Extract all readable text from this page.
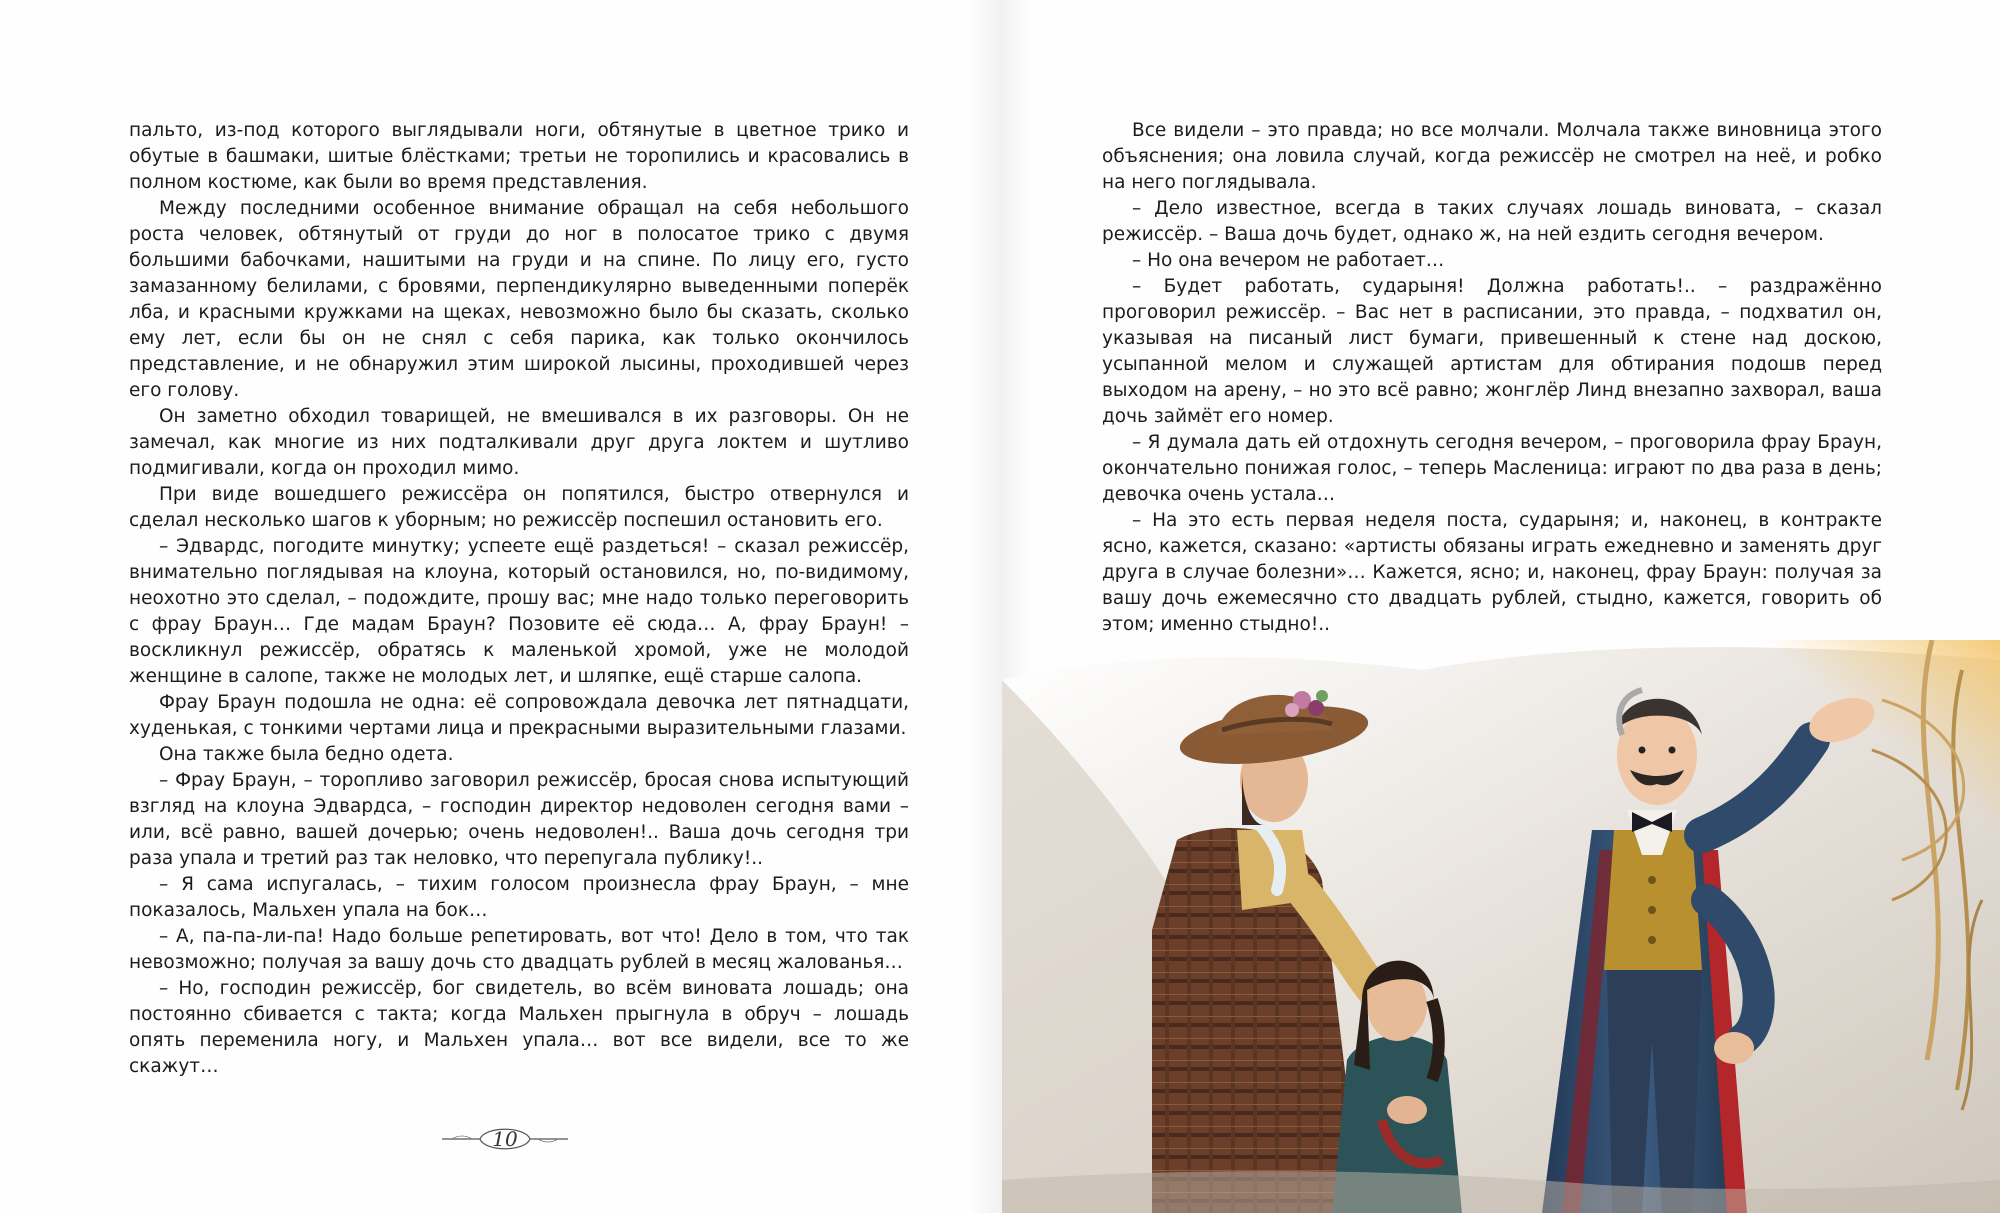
пальто, из-под которого выглядывали ноги, обтянутые в цветное трико и обутые в башмаки, шитые блёстками; третьи не торопились и красовались в полном костюме, как были во время представления.

Между последними особенное внимание обращал на себя небольшого роста человек, обтянутый от груди до ног в полосатое трико с двумя большими бабочками, нашитыми на груди и на спине. По лицу его, густо замазанному белилами, с бровями, перпендикулярно выведенными поперёк лба, и красными кружками на щеках, невозможно было бы сказать, сколько ему лет, если бы он не снял с себя парика, как только окончилось представление, и не обнаружил этим широкой лысины, проходившей через его голову.

Он заметно обходил товарищей, не вмешивался в их разговоры. Он не замечал, как многие из них подталкивали друг друга локтем и шутливо подмигивали, когда он проходил мимо.

При виде вошедшего режиссёра он попятился, быстро отвернулся и сделал несколько шагов к уборным; но режиссёр поспешил остановить его.

– Эдвардс, погодите минутку; успеете ещё раздеться! – сказал режиссёр, внимательно поглядывая на клоуна, который остановился, но, по-видимому, неохотно это сделал, – подождите, прошу вас; мне надо только переговорить с фрау Браун… Где мадам Браун? Позовите её сюда… А, фрау Браун! – воскликнул режиссёр, обратясь к маленькой хромой, уже не молодой женщине в салопе, также не молодых лет, и шляпке, ещё старше салопа.

Фрау Браун подошла не одна: её сопровождала девочка лет пятнадцати, худенькая, с тонкими чертами лица и прекрасными выразительными глазами.

Она также была бедно одета.

– Фрау Браун, – торопливо заговорил режиссёр, бросая снова испытующий взгляд на клоуна Эдвардса, – господин директор недоволен сегодня вами – или, всё равно, вашей дочерью; очень недоволен!.. Ваша дочь сегодня три раза упала и третий раз так неловко, что перепугала публику!..

– Я сама испугалась, – тихим голосом произнесла фрау Браун, – мне показалось, Мальхен упала на бок…

– А, па-па-ли-па! Надо больше репетировать, вот что! Дело в том, что так невозможно; получая за вашу дочь сто двадцать рублей в месяц жалованья…

– Но, господин режиссёр, бог свидетель, во всём виновата лошадь; она постоянно сбивается с такта; когда Мальхен прыгнула в обруч – лошадь опять переменила ногу, и Мальхен упала… вот все видели, все то же скажут…

10

Все видели – это правда; но все молчали. Молчала также виновница этого объяснения; она ловила случай, когда режиссёр не смотрел на неё, и робко на него поглядывала.

– Дело известное, всегда в таких случаях лошадь виновата, – сказал режиссёр. – Ваша дочь будет, однако ж, на ней ездить сегодня вечером.

– Но она вечером не работает…

– Будет работать, сударыня! Должна работать!.. – раздражённо проговорил режиссёр. – Вас нет в расписании, это правда, – подхватил он, указывая на писаный лист бумаги, привешенный к стене над доскою, усыпанной мелом и служащей артистам для обтирания подошв перед выходом на арену, – но это всё равно; жонглёр Линд внезапно захворал, ваша дочь займёт его номер.

– Я думала дать ей отдохнуть сегодня вечером, – проговорила фрау Браун, окончательно понижая голос, – теперь Масленица: играют по два раза в день; девочка очень устала…

– На это есть первая неделя поста, сударыня; и, наконец, в контракте ясно, кажется, сказано: «артисты обязаны играть ежедневно и заменять друг друга в случае болезни»… Кажется, ясно; и, наконец, фрау Браун: получая за вашу дочь ежемесячно сто двадцать рублей, стыдно, кажется, говорить об этом; именно стыдно!..
